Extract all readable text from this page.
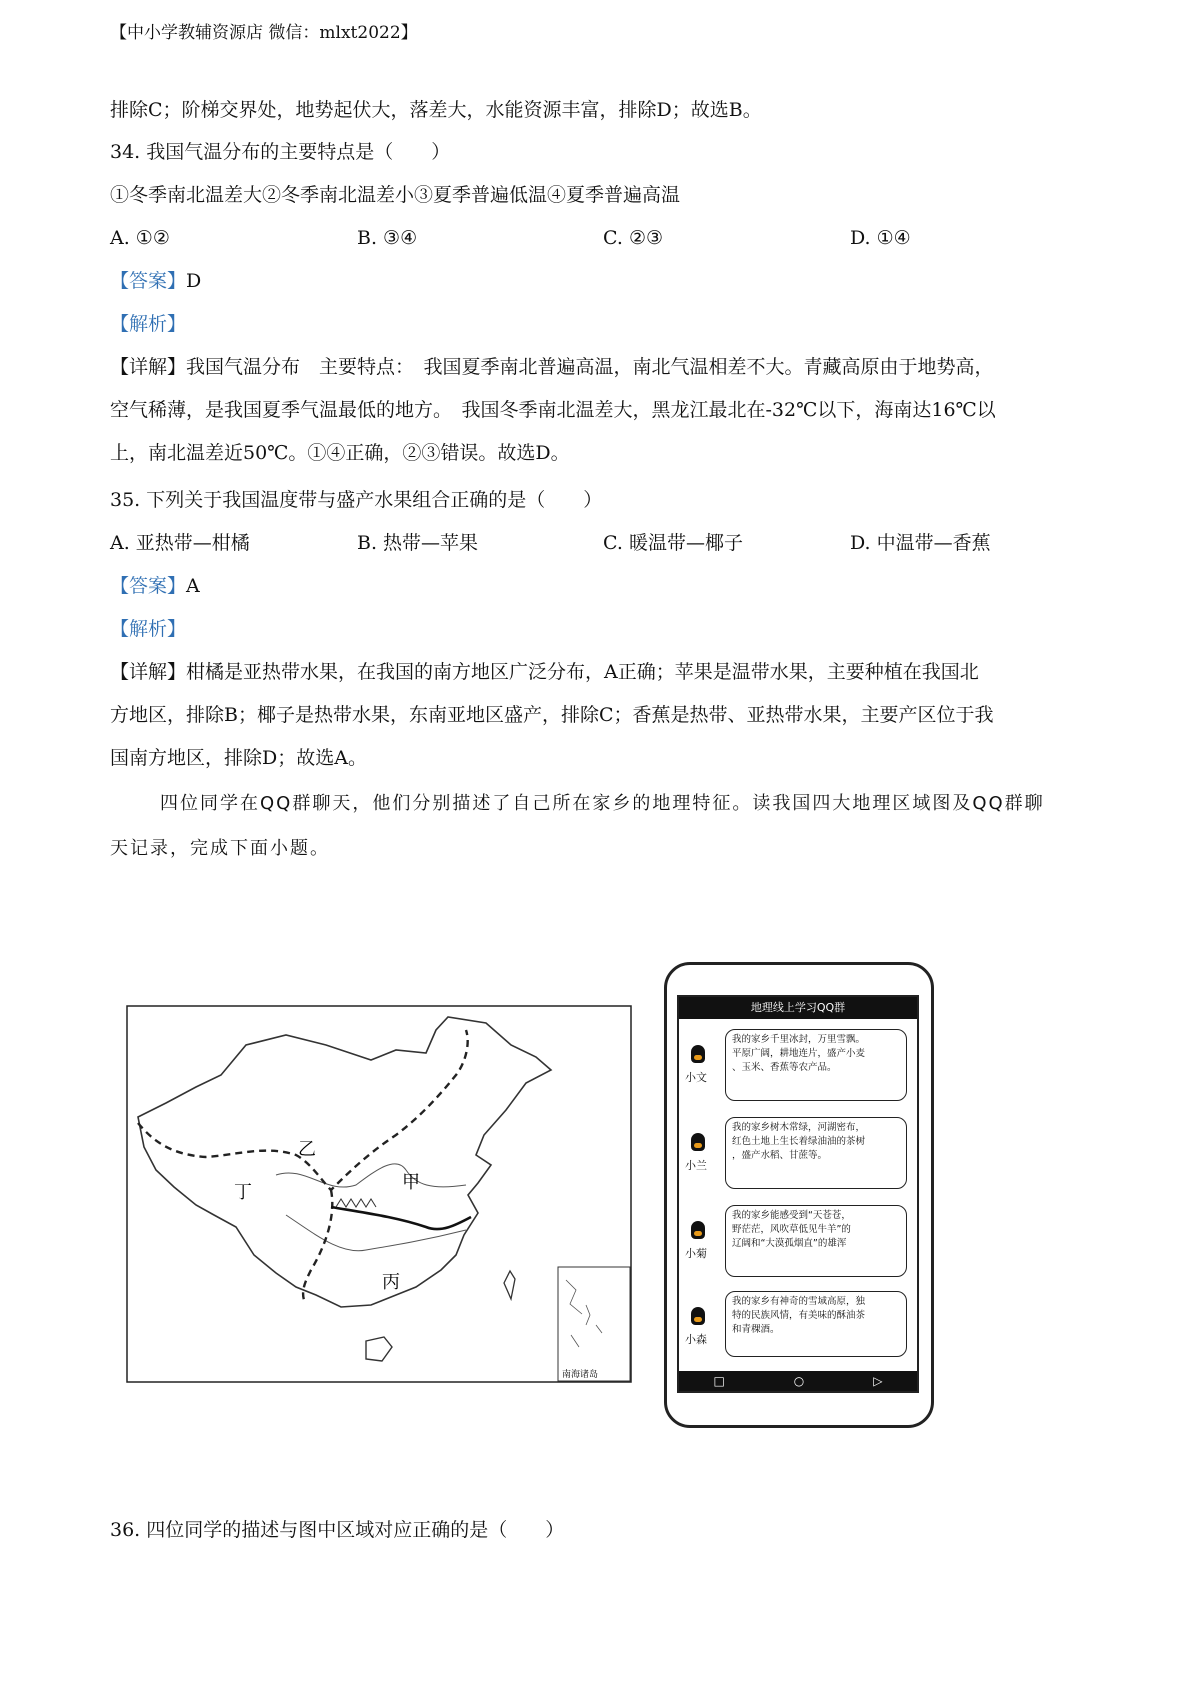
【中小学教辅资源店 微信：mlxt2022】
排除C；阶梯交界处，地势起伏大，落差大，水能资源丰富，排除D；故选B。
34. 我国气温分布的主要特点是（　　）
①冬季南北温差大②冬季南北温差小③夏季普遍低温④夏季普遍高温
A. ①②	B. ③④	C. ②③	D. ①④
【答案】D
【解析】
【详解】我国气温分布　主要特点：　我国夏季南北普遍高温，南北气温相差不大。青藏高原由于地势高，
空气稀薄，是我国夏季气温最低的地方。　我国冬季南北温差大，黑龙江最北在-32℃以下，海南达16℃以
上，南北温差近50℃。①④正确，②③错误。故选D。
35. 下列关于我国温度带与盛产水果组合正确的是（　　）
A. 亚热带—柑橘	B. 热带—苹果	C. 暖温带—椰子	D. 中温带—香蕉
【答案】A
【解析】
【详解】柑橘是亚热带水果，在我国的南方地区广泛分布，A正确；苹果是温带水果，主要种植在我国北
方地区，排除B；椰子是热带水果，东南亚地区盛产，排除C；香蕉是热带、亚热带水果，主要产区位于我
国南方地区，排除D；故选A。
四位同学在QQ群聊天，他们分别描述了自己所在家乡的地理特征。读我国四大地理区域图及QQ群聊
天记录，完成下面小题。
乙
甲
丁
丙
南海诸岛
地理线上学习QQ群
小文
我的家乡千里冰封，万里雪飘。
平原广阔，耕地连片，盛产小麦
、玉米、香蕉等农产品。
小兰
我的家乡树木常绿，河湖密布，
红色土地上生长着绿油油的茶树
，盛产水稻、甘蔗等。
小菊
我的家乡能感受到“天苍苍，
野茫茫，风吹草低见牛羊”的
辽阔和“大漠孤烟直”的雄浑
小森
我的家乡有神奇的雪域高原，独
特的民族风情，有美味的酥油茶
和青稞酒。
□	○	▷
36. 四位同学的描述与图中区域对应正确的是（　　）
